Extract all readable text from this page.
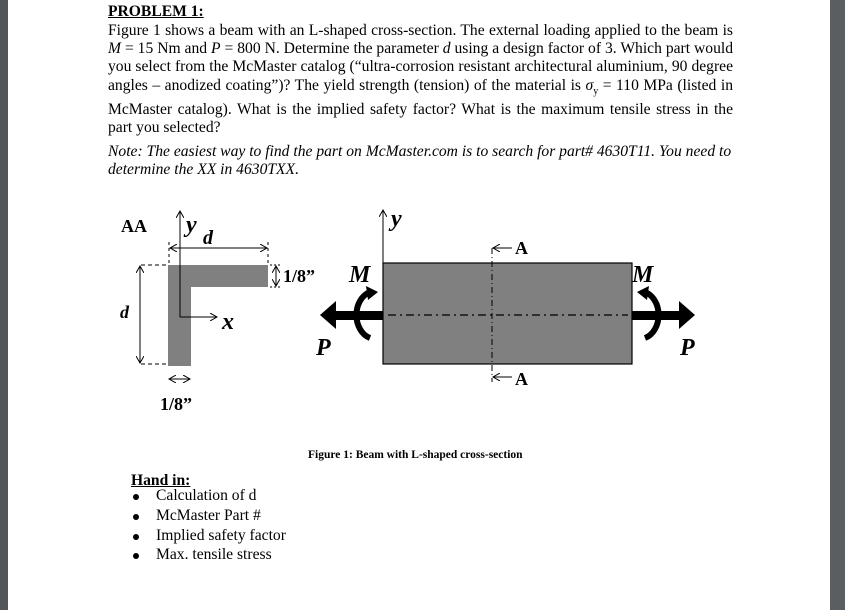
PROBLEM 1:
Figure 1 shows a beam with an L-shaped cross-section. The external loading applied to the beam is M = 15 Nm and P = 800 N. Determine the parameter d using a design factor of 3. Which part would you select from the McMaster catalog (“ultra-corrosion resistant architectural aluminium, 90 degree angles – anodized coating”)? The yield strength (tension) of the material is $\sigma_y = 110$ MPa (listed in McMaster catalog). What is the implied safety factor? What is the maximum tensile stress in the part you selected?
Note: The easiest way to find the part on McMaster.com is to search for part# 4630T11. You need to determine the XX in 4630TXX.
AA y d
d	x
1/8”
1/8”
y
A
A
M	M
P	P
Figure 1: Beam with L-shaped cross-section
Hand in:
Calculation of d
McMaster Part #
Implied safety factor
Max. tensile stress
